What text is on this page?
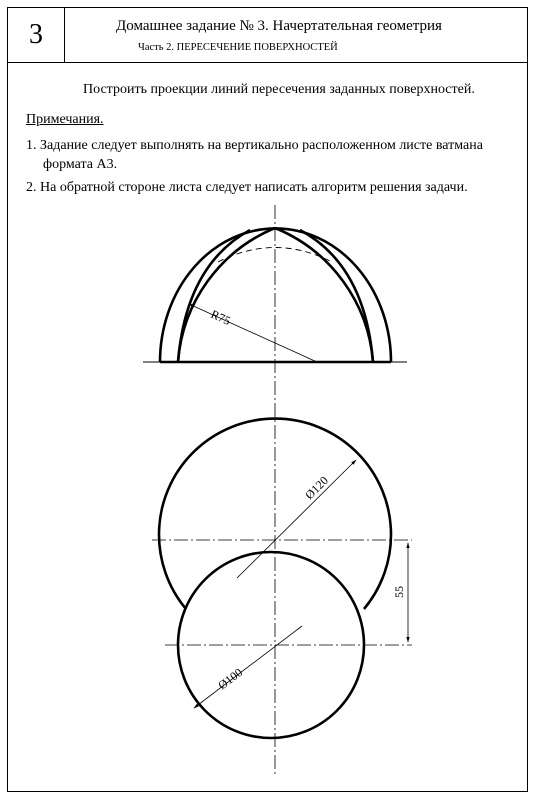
3	Домашнее задание № 3. Начертательная геометрия
Часть 2. ПЕРЕСЕЧЕНИЕ ПОВЕРХНОСТЕЙ
Построить проекции линий пересечения заданных поверхностей.
Примечания.
1. Задание следует выполнять на вертикально расположенном листе ватмана
формата А3.
2. На обратной стороне листа следует написать алгоритм решения задачи.
R75
Ø120
Ø100
55
